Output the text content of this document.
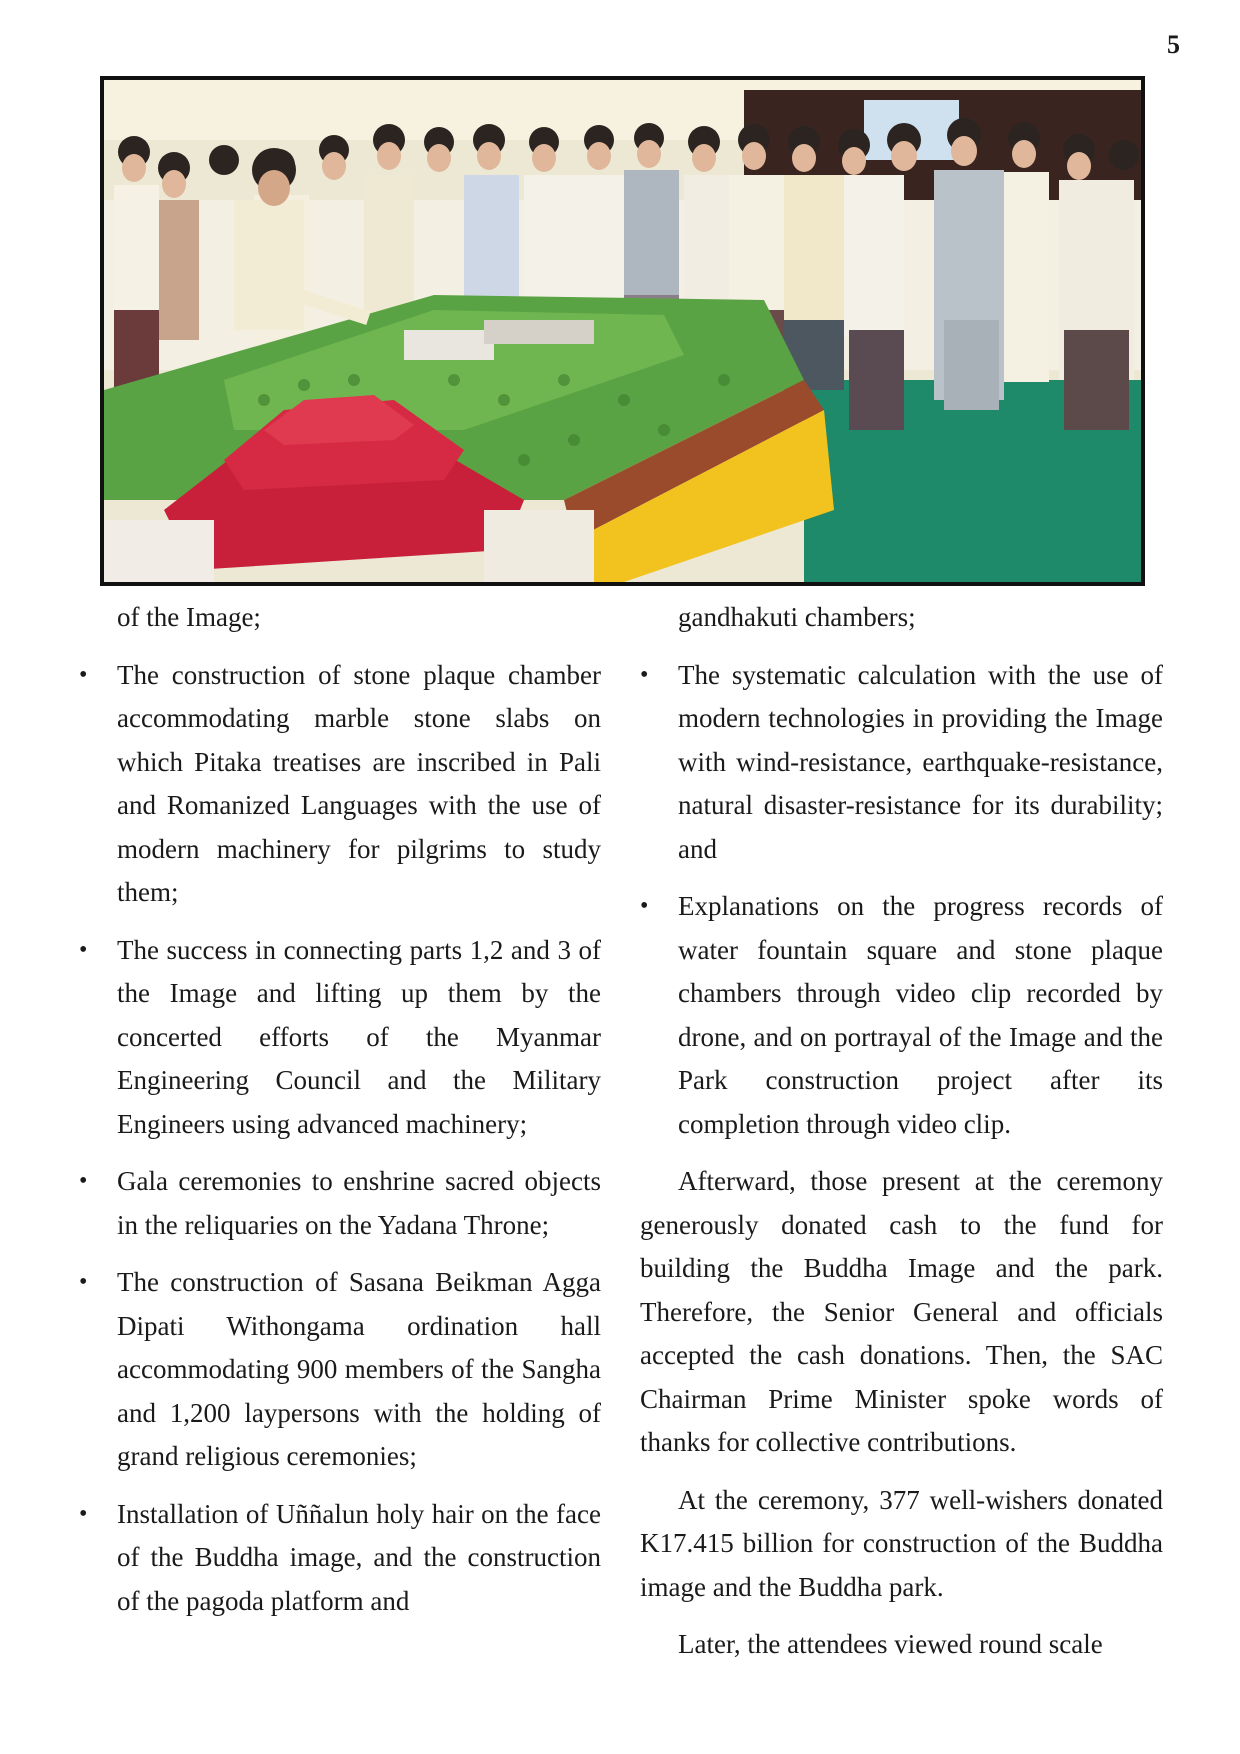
5

of the Image;

• The construction of stone plaque chamber accommodating marble stone slabs on which Pitaka treatises are inscribed in Pali and Romanized Languages with the use of modern machinery for pilgrims to study them;
• The success in connecting parts 1,2 and 3 of the Image and lifting up them by the concerted efforts of the Myanmar Engineering Council and the Military Engineers using advanced machinery;
• Gala ceremonies to enshrine sacred objects in the reliquaries on the Yadana Throne;
• The construction of Sasana Beikman Agga Dipati Withongama ordination hall accommodating 900 members of the Sangha and 1,200 laypersons with the holding of grand religious ceremonies;
• Installation of Uññalun holy hair on the face of the Buddha image, and the construction of the pagoda platform and

gandhakuti chambers;

• The systematic calculation with the use of modern technologies in providing the Image with wind-resistance, earthquake-resistance, natural disaster-resistance for its durability; and
• Explanations on the progress records of water fountain square and stone plaque chambers through video clip recorded by drone, and on portrayal of the Image and the Park construction project after its completion through video clip.

Afterward, those present at the ceremony generously donated cash to the fund for building the Buddha Image and the park. Therefore, the Senior General and officials accepted the cash donations. Then, the SAC Chairman Prime Minister spoke words of thanks for collective contributions.

At the ceremony, 377 well-wishers donated K17.415 billion for construction of the Buddha image and the Buddha park.

Later, the attendees viewed round scale
